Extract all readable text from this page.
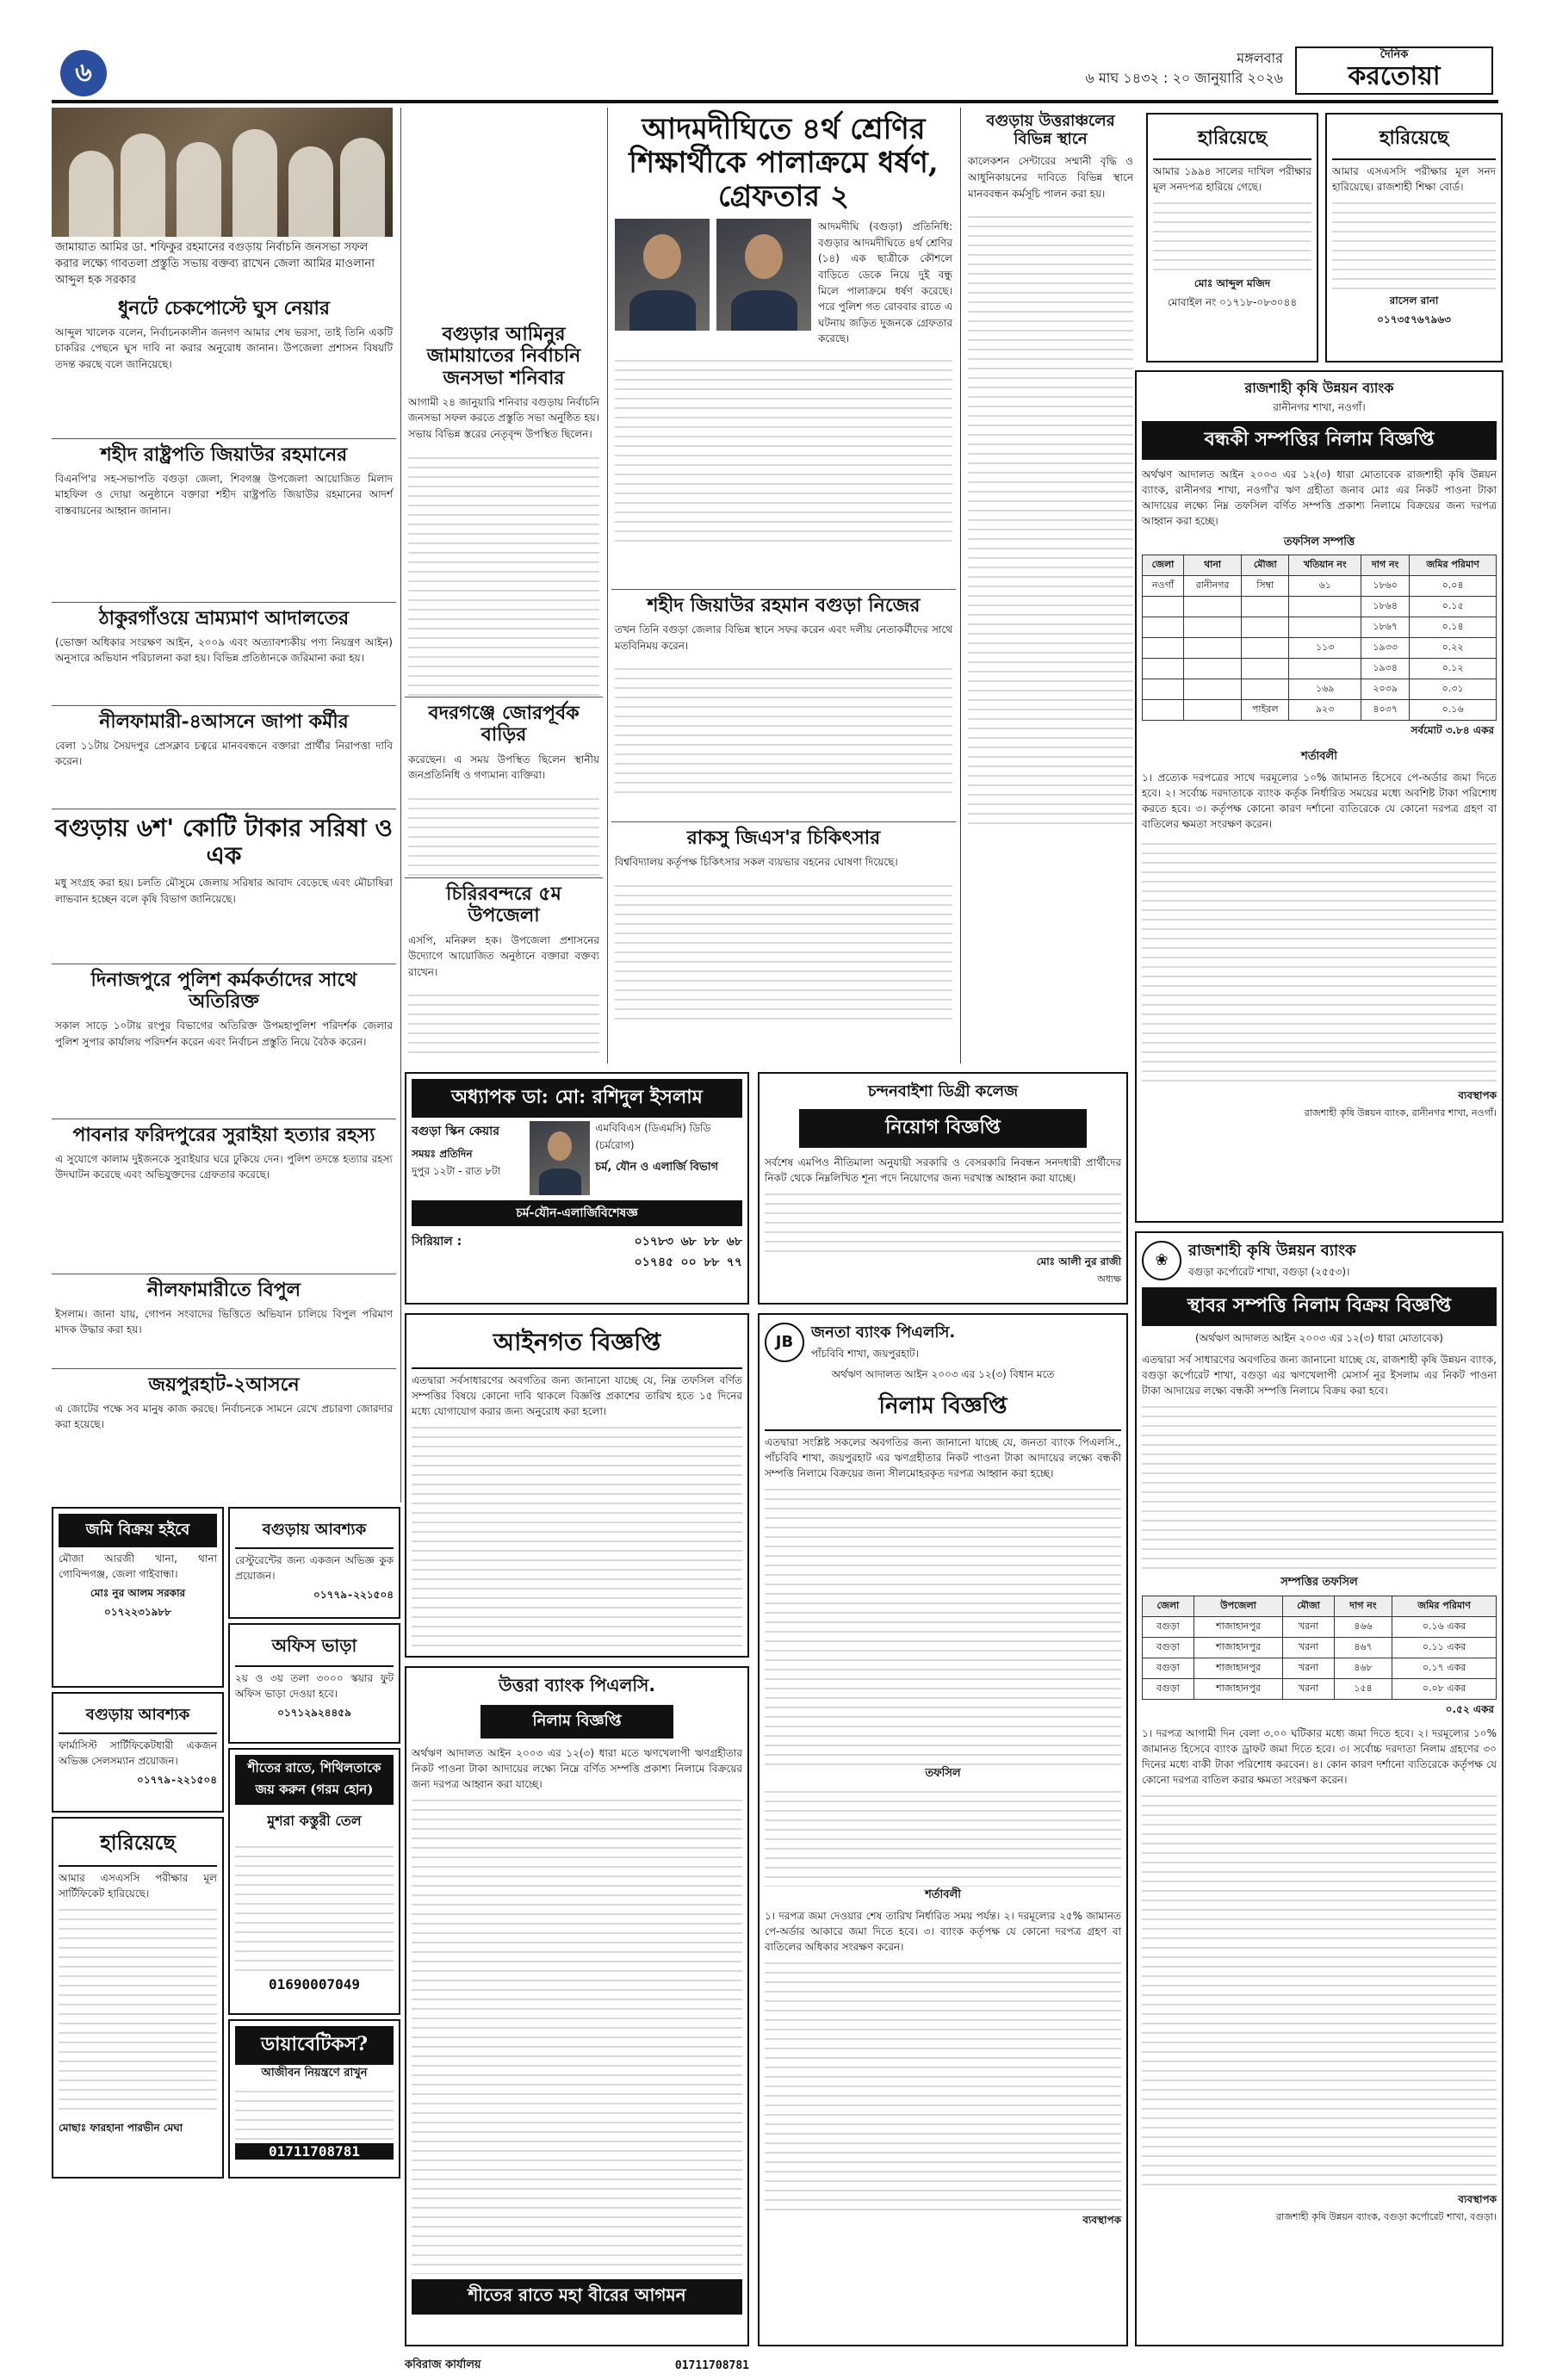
৬	মঙ্গলবার
৬ মাঘ ১৪৩২ : ২০ জানুয়ারি ২০২৬
দৈনিক
করতোয়া
জামায়াত আমির ডা. শফিকুর রহমানের বগুড়ায় নির্বাচনি জনসভা সফল করার লক্ষ্যে গাবতলা প্রস্তুতি সভায় বক্তব্য রাখেন জেলা আমির মাওলানা আব্দুল হক সরকার
ধুনটে চেকপোস্টে ঘুস নেয়ার
আব্দুল খালেক বলেন, নির্বাচনকালীন জনগণ আমার শেষ ভরসা, তাই তিনি একটি চাকরির পেছনে ঘুস দাবি না করার অনুরোধ জানান। উপজেলা প্রশাসন বিষয়টি তদন্ত করছে বলে জানিয়েছে।
শহীদ রাষ্ট্রপতি জিয়াউর রহমানের
বিএনপি'র সহ-সভাপতি বগুড়া জেলা, শিবগঞ্জ উপজেলা আয়োজিত মিলাদ মাহফিল ও দোয়া অনুষ্ঠানে বক্তারা শহীদ রাষ্ট্রপতি জিয়াউর রহমানের আদর্শ বাস্তবায়নের আহ্বান জানান।
ঠাকুরগাঁওয়ে ভ্রাম্যমাণ আদালতের
(ভোক্তা অধিকার সংরক্ষণ আইন, ২০০৯ এবং অত্যাবশ্যকীয় পণ্য নিয়ন্ত্রণ আইন) অনুসারে অভিযান পরিচালনা করা হয়। বিভিন্ন প্রতিষ্ঠানকে জরিমানা করা হয়।
নীলফামারী-৪আসনে জাপা কর্মীর
বেলা ১১টায় সৈয়দপুর প্রেসক্লাব চত্বরে মানববন্ধনে বক্তারা প্রার্থীর নিরাপত্তা দাবি করেন।
বগুড়ায় ৬শ' কোটি টাকার সরিষা ও এক
মধু সংগ্রহ করা হয়। চলতি মৌসুমে জেলায় সরিষার আবাদ বেড়েছে এবং মৌচাষিরা লাভবান হচ্ছেন বলে কৃষি বিভাগ জানিয়েছে।
দিনাজপুরে পুলিশ কর্মকর্তাদের সাথে অতিরিক্ত
সকাল সাড়ে ১০টায় রংপুর বিভাগের অতিরিক্ত উপমহাপুলিশ পরিদর্শক জেলার পুলিশ সুপার কার্যালয় পরিদর্শন করেন এবং নির্বাচন প্রস্তুতি নিয়ে বৈঠক করেন।
পাবনার ফরিদপুরের সুরাইয়া হত্যার রহস্য
এ সুযোগে কালাম দুইজনকে সুরাইয়ার ঘরে ঢুকিয়ে দেন। পুলিশ তদন্তে হত্যার রহস্য উদঘাটন করেছে এবং অভিযুক্তদের গ্রেফতার করেছে।
নীলফামারীতে বিপুল
ইসলাম। জানা যায়, গোপন সংবাদের ভিত্তিতে অভিযান চালিয়ে বিপুল পরিমাণ মাদক উদ্ধার করা হয়।
জয়পুরহাট-২আসনে
এ জোটের পক্ষে সব মানুষ কাজ করছে। নির্বাচনকে সামনে রেখে প্রচারণা জোরদার করা হয়েছে।
বগুড়ার আমিনুর জামায়াতের নির্বাচনি জনসভা শনিবার
আগামী ২৪ জানুয়ারি শনিবার বগুড়ায় নির্বাচনি জনসভা সফল করতে প্রস্তুতি সভা অনুষ্ঠিত হয়। সভায় বিভিন্ন স্তরের নেতৃবৃন্দ উপস্থিত ছিলেন।
বদরগঞ্জে জোরপূর্বক বাড়ির
করেছেন। এ সময় উপস্থিত ছিলেন স্থানীয় জনপ্রতিনিধি ও গণ্যমান্য ব্যক্তিরা।
চিরিরবন্দরে ৫ম উপজেলা
এসপি, মনিরুল হক। উপজেলা প্রশাসনের উদ্যোগে আয়োজিত অনুষ্ঠানে বক্তারা বক্তব্য রাখেন।
আদমদীঘিতে ৪র্থ শ্রেণির শিক্ষার্থীকে পালাক্রমে ধর্ষণ, গ্রেফতার ২
আদমদীঘি (বগুড়া) প্রতিনিধি: বগুড়ার আদমদীঘিতে ৪র্থ শ্রেণির (১৪) এক ছাত্রীকে কৌশলে বাড়িতে ডেকে নিয়ে দুই বন্ধু মিলে পালাক্রমে ধর্ষণ করেছে। পরে পুলিশ গত রোববার রাতে এ ঘটনায় জড়িত দুজনকে গ্রেফতার করেছে।
শহীদ জিয়াউর রহমান বগুড়া নিজের
তখন তিনি বগুড়া জেলার বিভিন্ন স্থানে সফর করেন এবং দলীয় নেতাকর্মীদের সাথে মতবিনিময় করেন।
রাকসু জিএস'র চিকিৎসার
বিশ্ববিদ্যালয় কর্তৃপক্ষ চিকিৎসার সকল ব্যয়ভার বহনের ঘোষণা দিয়েছে।
বগুড়ায় উত্তরাঞ্চলের বিভিন্ন স্থানে
কালেকশন সেন্টারের সম্মানী বৃদ্ধি ও আধুনিকায়নের দাবিতে বিভিন্ন স্থানে মানববন্ধন কর্মসূচি পালন করা হয়।
হারিয়েছে
আমার ১৯৯৪ সালের দাখিল পরীক্ষার মূল সনদপত্র হারিয়ে গেছে।
মোঃ আব্দুল মজিদ
মোবাইল নং ০১৭১৮-০৮৩০৪৪
হারিয়েছে
আমার এসএসসি পরীক্ষার মূল সনদ হারিয়েছে। রাজশাহী শিক্ষা বোর্ড।
রাসেল রানা
০১৭৩৫৭৬৭৯৬৩
রাজশাহী কৃষি উন্নয়ন ব্যাংক
রানীনগর শাখা, নওগাঁ।
বন্ধকী সম্পত্তির নিলাম বিজ্ঞপ্তি
অর্থঋণ আদালত আইন ২০০৩ এর ১২(৩) ধারা মোতাবেক রাজশাহী কৃষি উন্নয়ন ব্যাংক, রানীনগর শাখা, নওগাঁ'র ঋণ গ্রহীতা জনাব মোঃ এর নিকট পাওনা টাকা আদায়ের লক্ষ্যে নিম্ন তফসিল বর্ণিত সম্পত্তি প্রকাশ্য নিলামে বিক্রয়ের জন্য দরপত্র আহ্বান করা হচ্ছে।
তফসিল সম্পত্তি
জেলা	থানা	মৌজা	খতিয়ান নং	দাগ নং	জমির পরিমাণ
নওগাঁ	রানীনগর	সিম্বা	৬১	১৮৬০	০.০৪
				১৮৬৪	০.১৫
				১৮৬৭	০.১৪
			১১৩	১৯৩৩	০.২২
				১৯৩৪	০.১২
			১৬৯	২০৩৯	০.৩১
		পাইরল	৯২৩	৪০৩৭	০.১৬
সর্বমোট ৩.৮৪ একর
শর্তাবলী
১। প্রত্যেক দরপত্রের সাথে দরমূল্যের ১০% জামানত হিসেবে পে-অর্ডার জমা দিতে হবে। ২। সর্বোচ্চ দরদাতাকে ব্যাংক কর্তৃক নির্ধারিত সময়ের মধ্যে অবশিষ্ট টাকা পরিশোধ করতে হবে। ৩। কর্তৃপক্ষ কোনো কারণ দর্শানো ব্যতিরেকে যে কোনো দরপত্র গ্রহণ বা বাতিলের ক্ষমতা সংরক্ষণ করেন।
ব্যবস্থাপক
রাজশাহী কৃষি উন্নয়ন ব্যাংক, রানীনগর শাখা, নওগাঁ।
চন্দনবাইশা ডিগ্রী কলেজ
নিয়োগ বিজ্ঞপ্তি
সর্বশেষ এমপিও নীতিমালা অনুযায়ী সরকারি ও বেসরকারি নিবন্ধন সনদধারী প্রার্থীদের নিকট থেকে নিম্নলিখিত শূন্য পদে নিয়োগের জন্য দরখাস্ত আহ্বান করা যাচ্ছে।
মোঃ আলী নুর রাজী
অধ্যক্ষ
অধ্যাপক ডা: মো: রশিদুল ইসলাম
বগুড়া স্কিন কেয়ার
সময়ঃ প্রতিদিন
দুপুর ১২টা - রাত ৮টা
এমবিবিএস (ডিএমসি) ডিডি (চর্মরোগ)
চর্ম, যৌন ও এলার্জি বিভাগ
চর্ম-যৌন-এলার্জিবিশেষজ্ঞ
সিরিয়াল :	০১৭৮৩ ৬৮ ৮৮ ৬৮
০১৭৪৫ ০০ ৮৮ ৭৭
JB	জনতা ব্যাংক পিএলসি.
পাঁচবিবি শাখা, জয়পুরহাট।
অর্থঋণ আদালত আইন ২০০৩ এর ১২(৩) বিধান মতে
নিলাম বিজ্ঞপ্তি
এতদ্বারা সংশ্লিষ্ট সকলের অবগতির জন্য জানানো যাচ্ছে যে, জনতা ব্যাংক পিএলসি., পাঁচবিবি শাখা, জয়পুরহাট এর ঋণগ্রহীতার নিকট পাওনা টাকা আদায়ের লক্ষ্যে বন্ধকী সম্পত্তি নিলামে বিক্রয়ের জন্য সীলমোহরকৃত দরপত্র আহ্বান করা হচ্ছে।
তফসিল
শর্তাবলী
১। দরপত্র জমা দেওয়ার শেষ তারিখ নির্ধারিত সময় পর্যন্ত। ২। দরমূল্যের ২৫% জামানত পে-অর্ডার আকারে জমা দিতে হবে। ৩। ব্যাংক কর্তৃপক্ষ যে কোনো দরপত্র গ্রহণ বা বাতিলের অধিকার সংরক্ষণ করেন।
ব্যবস্থাপক
আইনগত বিজ্ঞপ্তি
এতদ্বারা সর্বসাধারণের অবগতির জন্য জানানো যাচ্ছে যে, নিম্ন তফসিল বর্ণিত সম্পত্তির বিষয়ে কোনো দাবি থাকলে বিজ্ঞপ্তি প্রকাশের তারিখ হতে ১৫ দিনের মধ্যে যোগাযোগ করার জন্য অনুরোধ করা হলো।
উত্তরা ব্যাংক পিএলসি.
নিলাম বিজ্ঞপ্তি
অর্থঋণ আদালত আইন ২০০৩ এর ১২(৩) ধারা মতে ঋণখেলাপী ঋণগ্রহীতার নিকট পাওনা টাকা আদায়ের লক্ষ্যে নিম্নে বর্ণিত সম্পত্তি প্রকাশ্য নিলামে বিক্রয়ের জন্য দরপত্র আহ্বান করা যাচ্ছে।
শীতের রাতে মহা বীরের আগমন
জমি বিক্রয় হইবে
মৌজা আরজী খানা, থানা গোবিন্দগঞ্জ, জেলা গাইবান্ধা।
মোঃ নুর আলম সরকার
০১৭২২৩১৯৮৮
বগুড়ায় আবশ্যক
রেস্টুরেন্টের জন্য একজন অভিজ্ঞ কুক প্রয়োজন।
০১৭৭৯-২২১৫০৪
অফিস ভাড়া
২য় ও ৩য় তলা ৩০০০ স্কয়ার ফুট অফিস ভাড়া দেওয়া হবে।
০১৭১২৯২৪৪৫৯
বগুড়ায় আবশ্যক
ফার্মাসিস্ট সার্টিফিকেটধারী একজন অভিজ্ঞ সেলসম্যান প্রয়োজন।
০১৭৭৯-২২১৫০৪
শীতের রাতে, শিথিলতাকে জয় করুন (গরম হোন)
মুশরা কস্তুরী তেল
01690007049
হারিয়েছে
আমার এসএসসি পরীক্ষার মূল সার্টিফিকেট হারিয়েছে।
মোছাঃ ফারহানা পারভীন মেঘা
ডায়াবেটিকস?
আজীবন নিয়ন্ত্রণে রাখুন
01711708781
কবিরাজ কার্যালয়	01711708781
❀	রাজশাহী কৃষি উন্নয়ন ব্যাংক
বগুড়া কর্পোরেট শাখা, বগুড়া (২৫৫৩)।
স্থাবর সম্পত্তি নিলাম বিক্রয় বিজ্ঞপ্তি
(অর্থঋণ আদালত আইন ২০০৩ এর ১২(৩) ধারা মোতাবেক)
এতদ্বারা সর্ব সাধারণের অবগতির জন্য জানানো যাচ্ছে যে, রাজশাহী কৃষি উন্নয়ন ব্যাংক, বগুড়া কর্পোরেট শাখা, বগুড়া এর ঋণখেলাপী মেসার্স নূর ইসলাম এর নিকট পাওনা টাকা আদায়ের লক্ষ্যে বন্ধকী সম্পত্তি নিলামে বিক্রয় করা হবে।
সম্পত্তির তফসিল
জেলা	উপজেলা	মৌজা	দাগ নং	জমির পরিমাণ
বগুড়া	শাজাহানপুর	খরনা	৪৬৬	০.১৬ একর
বগুড়া	শাজাহানপুর	খরনা	৪৬৭	০.১১ একর
বগুড়া	শাজাহানপুর	খরনা	৪৬৮	০.১৭ একর
বগুড়া	শাজাহানপুর	খরনা	১৫৪	০.০৮ একর
০.৫২ একর
১। দরপত্র আগামী দিন বেলা ৩.০০ ঘটিকার মধ্যে জমা দিতে হবে। ২। দরমূল্যের ১০% জামানত হিসেবে ব্যাংক ড্রাফট জমা দিতে হবে। ৩। সর্বোচ্চ দরদাতা নিলাম গ্রহণের ৩০ দিনের মধ্যে বাকী টাকা পরিশোধ করবেন। ৪। কোন কারণ দর্শানো ব্যতিরেকে কর্তৃপক্ষ যে কোনো দরপত্র বাতিল করার ক্ষমতা সংরক্ষণ করেন।
ব্যবস্থাপক
রাজশাহী কৃষি উন্নয়ন ব্যাংক, বগুড়া কর্পোরেট শাখা, বগুড়া।
